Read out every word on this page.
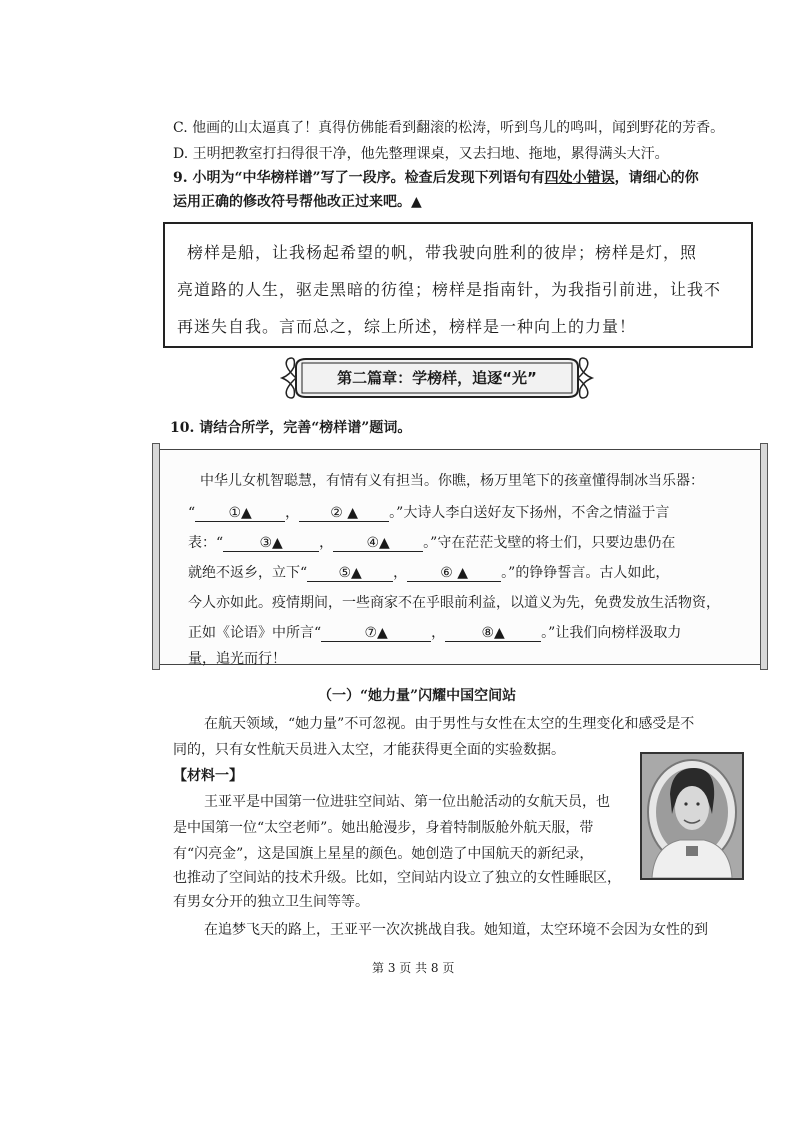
C. 他画的山太逼真了！真得仿佛能看到翻滚的松涛，听到鸟儿的鸣叫，闻到野花的芳香。
D. 王明把教室打扫得很干净，他先整理课桌，又去扫地、拖地，累得满头大汗。
9. 小明为“中华榜样谱”写了一段序。检查后发现下列语句有四处小错误，请细心的你
运用正确的修改符号帮他改正过来吧。▲
榜样是船，让我杨起希望的帆，带我驶向胜利的彼岸；榜样是灯，照
亮道路的人生，驱走黑暗的彷徨；榜样是指南针，为我指引前进，让我不
再迷失自我。言而总之，综上所述，榜样是一种向上的力量！
第二篇章：学榜样，追逐“光”
10. 请结合所学，完善“榜样谱”题词。
中华儿女机智聪慧，有情有义有担当。你瞧，杨万里笔下的孩童懂得制冰当乐器：
“ ①▲ ， ② ▲ 。”大诗人李白送好友下扬州，不舍之情溢于言
表：“	③▲	， ④▲ 。”守在茫茫戈壁的将士们，只要边患仍在
就绝不返乡，立下“ ⑤▲ ， ⑥ ▲ 。”的铮铮誓言。古人如此，
今人亦如此。疫情期间，一些商家不在乎眼前利益，以道义为先，免费发放生活物资，
正如《论语》中所言“	⑦▲	，	⑧▲	。”让我们向榜样汲取力
量，追光而行！
（一）“她力量”闪耀中国空间站
在航天领域，“她力量”不可忽视。由于男性与女性在太空的生理变化和感受是不
同的，只有女性航天员进入太空，才能获得更全面的实验数据。
【材料一】
王亚平是中国第一位进驻空间站、第一位出舱活动的女航天员，也
是中国第一位“太空老师”。她出舱漫步，身着特制版舱外航天服，带
有“闪亮金”，这是国旗上星星的颜色。她创造了中国航天的新纪录，
也推动了空间站的技术升级。比如，空间站内设立了独立的女性睡眠区，
有男女分开的独立卫生间等等。
在追梦飞天的路上，王亚平一次次挑战自我。她知道，太空环境不会因为女性的到
第 3 页 共 8 页
